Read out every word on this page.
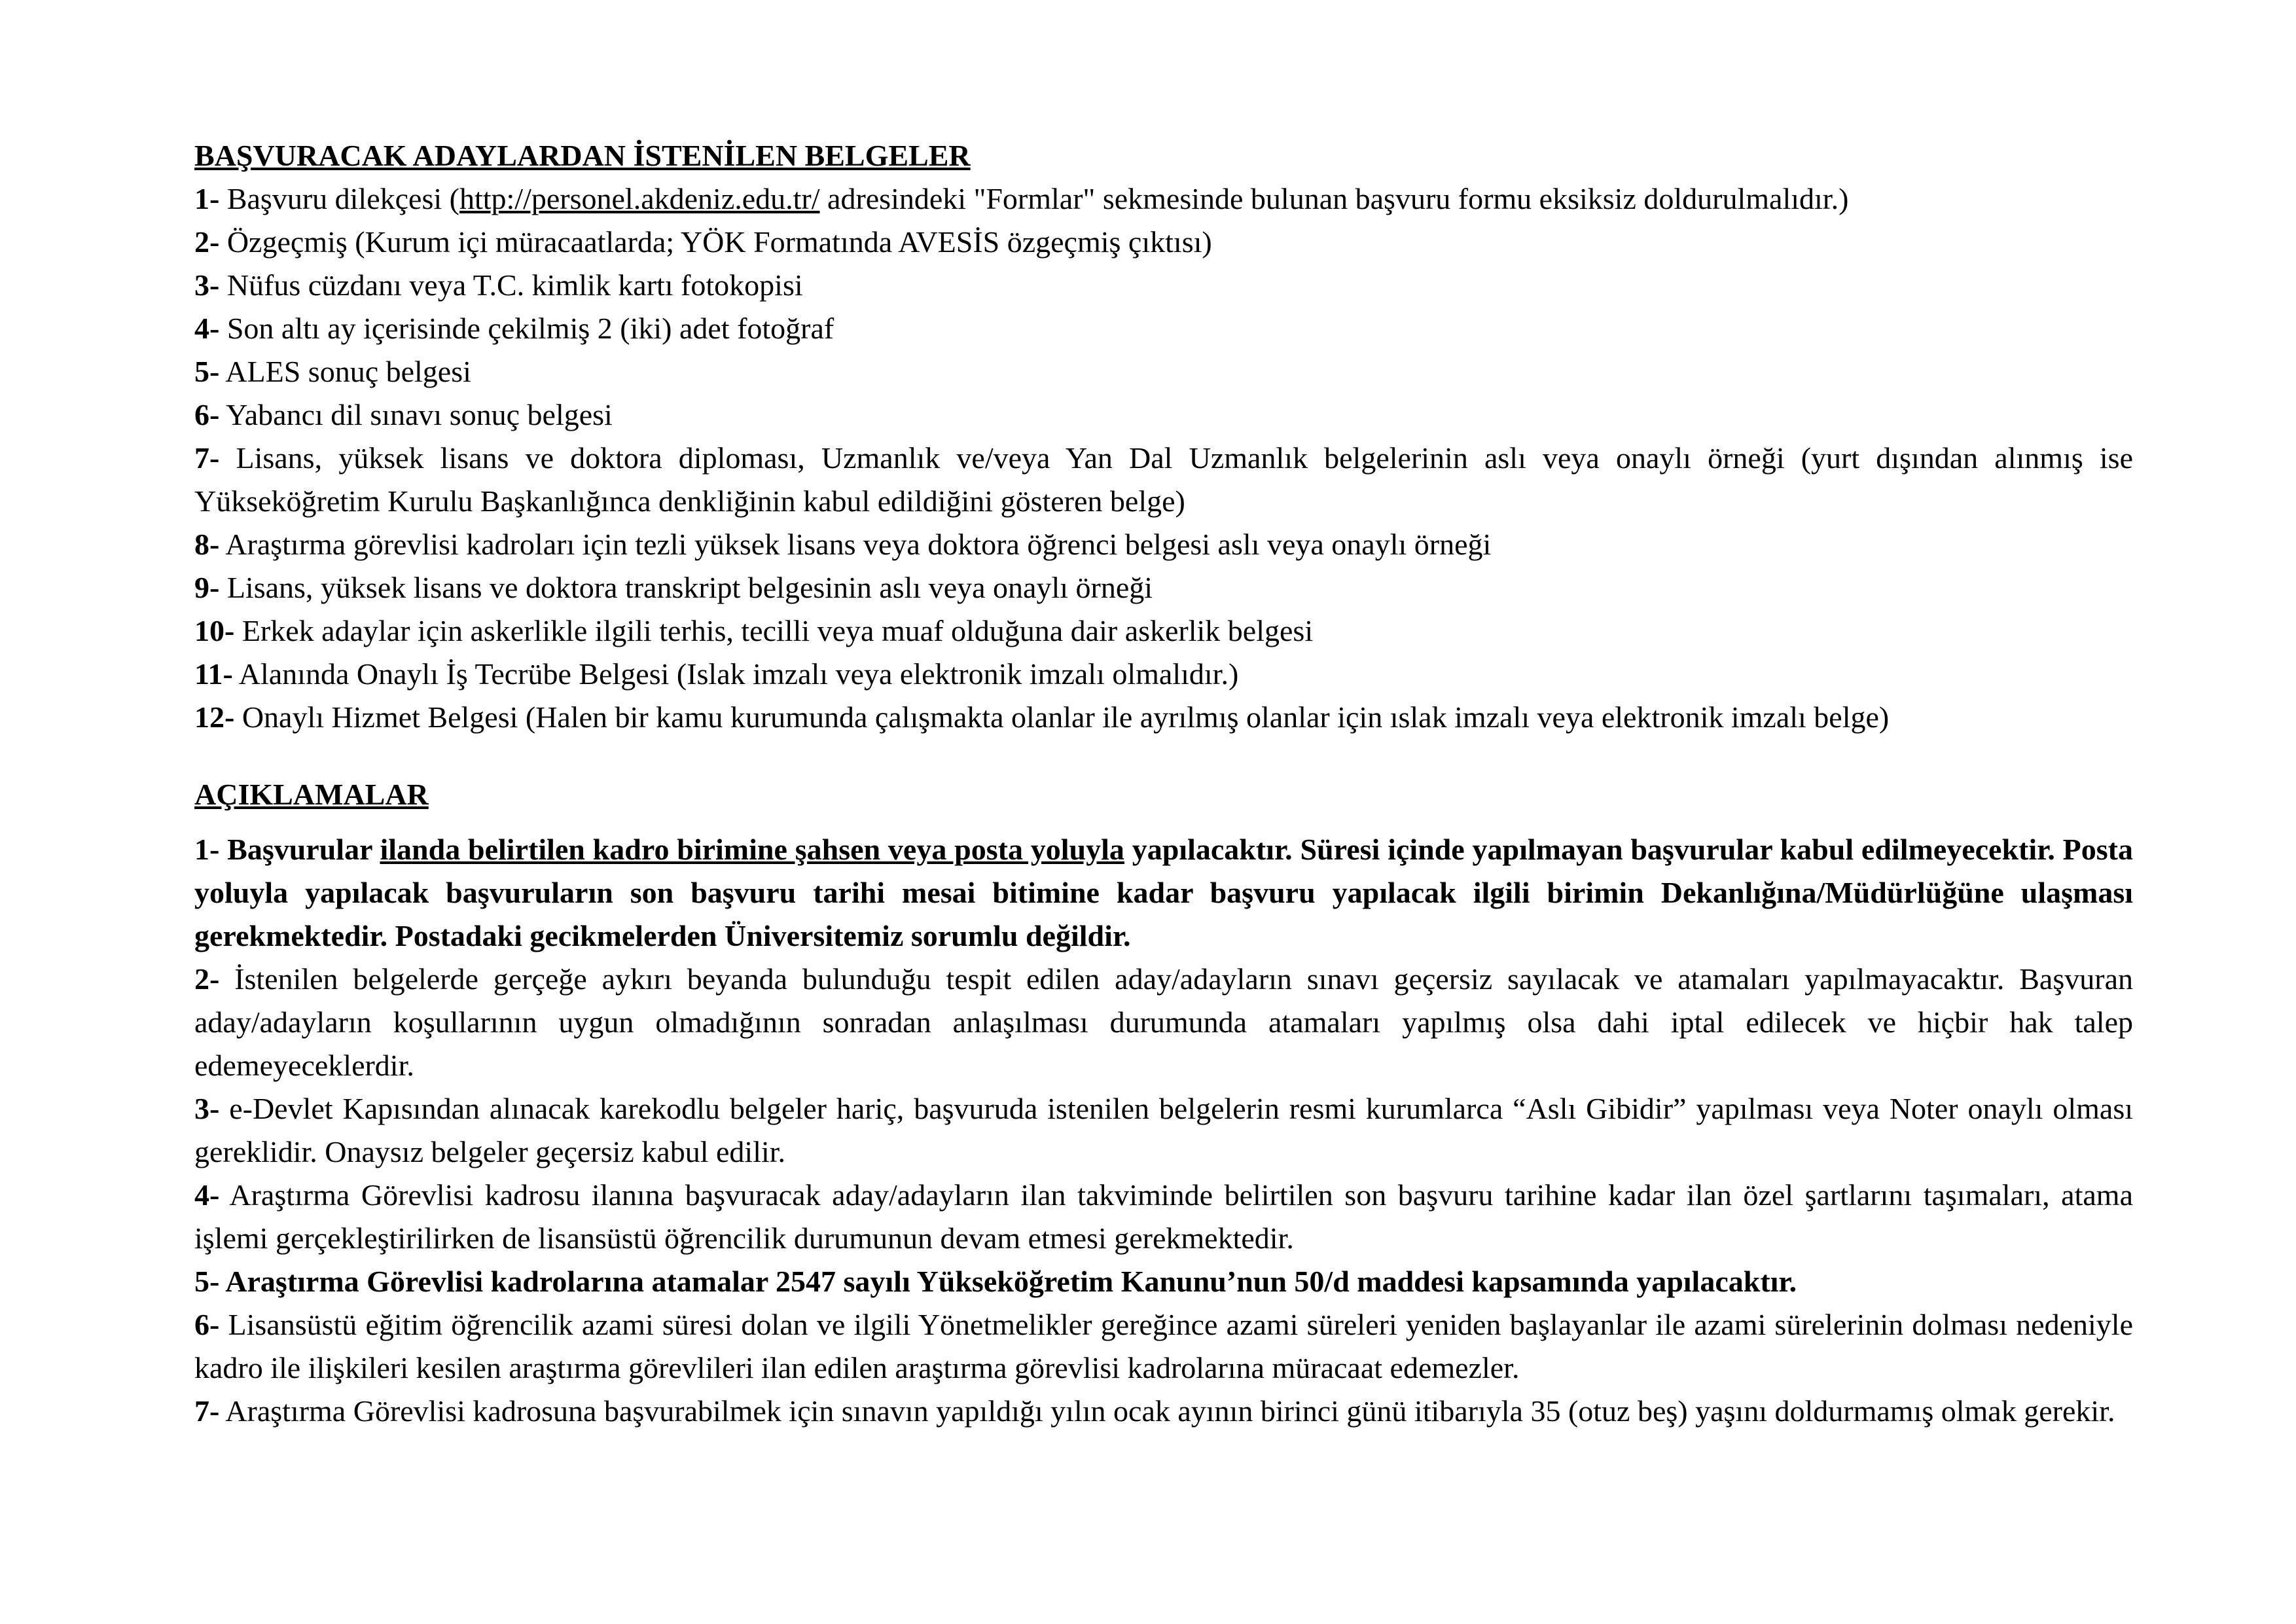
BAŞVURACAK ADAYLARDAN İSTENİLEN BELGELER
1- Başvuru dilekçesi (http://personel.akdeniz.edu.tr/ adresindeki "Formlar" sekmesinde bulunan başvuru formu eksiksiz doldurulmalıdır.)
2- Özgeçmiş (Kurum içi müracaatlarda; YÖK Formatında AVESİS özgeçmiş çıktısı)
3- Nüfus cüzdanı veya T.C. kimlik kartı fotokopisi
4- Son altı ay içerisinde çekilmiş 2 (iki) adet fotoğraf
5- ALES sonuç belgesi
6- Yabancı dil sınavı sonuç belgesi
7- Lisans, yüksek lisans ve doktora diploması, Uzmanlık ve/veya Yan Dal Uzmanlık belgelerinin aslı veya onaylı örneği (yurt dışından alınmış ise Yükseköğretim Kurulu Başkanlığınca denkliğinin kabul edildiğini gösteren belge)
8- Araştırma görevlisi kadroları için tezli yüksek lisans veya doktora öğrenci belgesi aslı veya onaylı örneği
9- Lisans, yüksek lisans ve doktora transkript belgesinin aslı veya onaylı örneği
10- Erkek adaylar için askerlikle ilgili terhis, tecilli veya muaf olduğuna dair askerlik belgesi
11- Alanında Onaylı İş Tecrübe Belgesi (Islak imzalı veya elektronik imzalı olmalıdır.)
12- Onaylı Hizmet Belgesi (Halen bir kamu kurumunda çalışmakta olanlar ile ayrılmış olanlar için ıslak imzalı veya elektronik imzalı belge)
AÇIKLAMALAR
1- Başvurular ilanda belirtilen kadro birimine şahsen veya posta yoluyla yapılacaktır. Süresi içinde yapılmayan başvurular kabul edilmeyecektir. Posta yoluyla yapılacak başvuruların son başvuru tarihi mesai bitimine kadar başvuru yapılacak ilgili birimin Dekanlığına/Müdürlüğüne ulaşması gerekmektedir. Postadaki gecikmelerden Üniversitemiz sorumlu değildir.
2- İstenilen belgelerde gerçeğe aykırı beyanda bulunduğu tespit edilen aday/adayların sınavı geçersiz sayılacak ve atamaları yapılmayacaktır. Başvuran aday/adayların koşullarının uygun olmadığının sonradan anlaşılması durumunda atamaları yapılmış olsa dahi iptal edilecek ve hiçbir hak talep edemeyeceklerdir.
3- e-Devlet Kapısından alınacak karekodlu belgeler hariç, başvuruda istenilen belgelerin resmi kurumlarca “Aslı Gibidir” yapılması veya Noter onaylı olması gereklidir. Onaysız belgeler geçersiz kabul edilir.
4- Araştırma Görevlisi kadrosu ilanına başvuracak aday/adayların ilan takviminde belirtilen son başvuru tarihine kadar ilan özel şartlarını taşımaları, atama işlemi gerçekleştirilirken de lisansüstü öğrencilik durumunun devam etmesi gerekmektedir.
5- Araştırma Görevlisi kadrolarına atamalar 2547 sayılı Yükseköğretim Kanunu’nun 50/d maddesi kapsamında yapılacaktır.
6- Lisansüstü eğitim öğrencilik azami süresi dolan ve ilgili Yönetmelikler gereğince azami süreleri yeniden başlayanlar ile azami sürelerinin dolması nedeniyle kadro ile ilişkileri kesilen araştırma görevlileri ilan edilen araştırma görevlisi kadrolarına müracaat edemezler.
7- Araştırma Görevlisi kadrosuna başvurabilmek için sınavın yapıldığı yılın ocak ayının birinci günü itibarıyla 35 (otuz beş) yaşını doldurmamış olmak gerekir.
